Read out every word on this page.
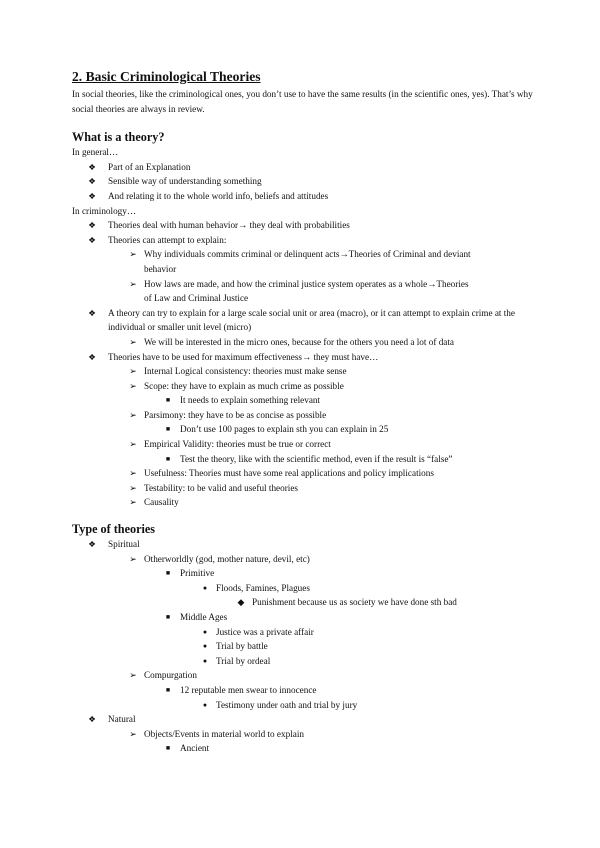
2. Basic Criminological Theories
In social theories, like the criminological ones, you don’t use to have the same results (in the scientific ones, yes). That’s why social theories are always in review.
What is a theory?
In general…
❖ Part of an Explanation
❖ Sensible way of understanding something
❖ And relating it to the whole world info, beliefs and attitudes
In criminology…
❖ Theories deal with human behavior→ they deal with probabilities
❖ Theories can attempt to explain:
➢ Why individuals commits criminal or delinquent acts→Theories of Criminal and deviant behavior
➢ How laws are made, and how the criminal justice system operates as a whole→Theories of Law and Criminal Justice
❖ A theory can try to explain for a large scale social unit or area (macro), or it can attempt to explain crime at the individual or smaller unit level (micro)
➢ We will be interested in the micro ones, because for the others you need a lot of data
❖ Theories have to be used for maximum effectiveness→ they must have…
➢ Internal Logical consistency: theories must make sense
➢ Scope: they have to explain as much crime as possible
■	It needs to explain something relevant
➢ Parsimony: they have to be as concise as possible
■	Don’t use 100 pages to explain sth you can explain in 25
➢ Empirical Validity: theories must be true or correct
■	Test the theory, like with the scientific method, even if the result is “false”
➢ Usefulness: Theories must have some real applications and policy implications
➢ Testability: to be valid and useful theories
➢ Causality
Type of theories
❖ Spiritual
➢ Otherworldly (god, mother nature, devil, etc)
■	Primitive
● Floods, Famines, Plagues
◆ Punishment because us as society we have done sth bad
■	Middle Ages
● Justice was a private affair
● Trial by battle
● Trial by ordeal
➢ Compurgation
■	12 reputable men swear to innocence
● Testimony under oath and trial by jury
❖ Natural
➢ Objects/Events in material world to explain
■	Ancient
